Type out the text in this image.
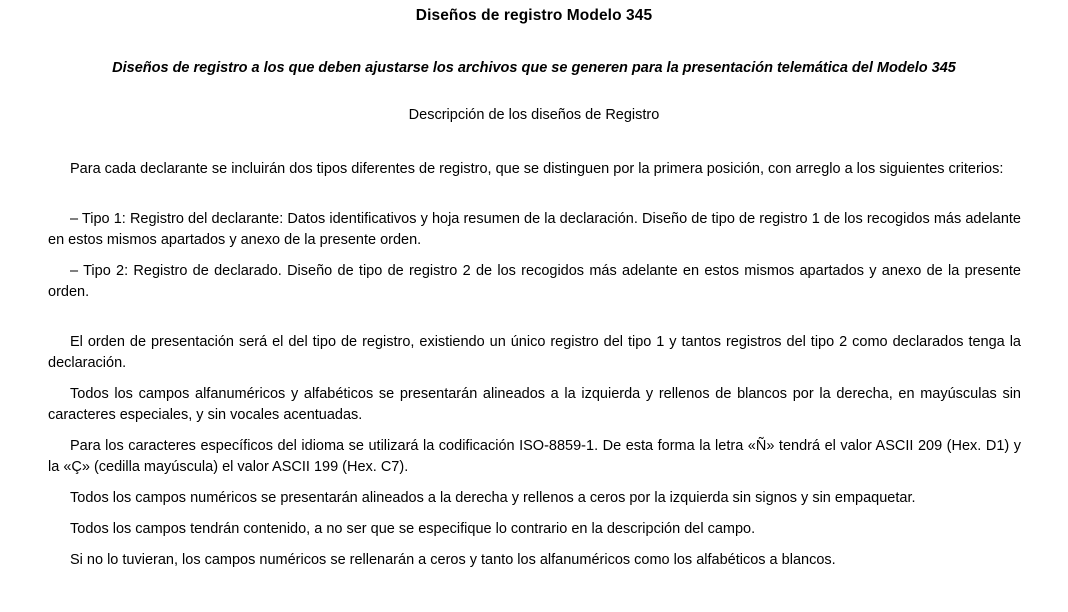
Diseños de registro Modelo 345

Diseños de registro a los que deben ajustarse los archivos que se generen para la presentación telemática del Modelo 345

Descripción de los diseños de Registro

Para cada declarante se incluirán dos tipos diferentes de registro, que se distinguen por la primera posición, con arreglo a los siguientes criterios:

– Tipo 1: Registro del declarante: Datos identificativos y hoja resumen de la declaración. Diseño de tipo de registro 1 de los recogidos más adelante en estos mismos apartados y anexo de la presente orden.

– Tipo 2: Registro de declarado. Diseño de tipo de registro 2 de los recogidos más adelante en estos mismos apartados y anexo de la presente orden.

El orden de presentación será el del tipo de registro, existiendo un único registro del tipo 1 y tantos registros del tipo 2 como declarados tenga la declaración.

Todos los campos alfanuméricos y alfabéticos se presentarán alineados a la izquierda y rellenos de blancos por la derecha, en mayúsculas sin caracteres especiales, y sin vocales acentuadas.

Para los caracteres específicos del idioma se utilizará la codificación ISO-8859-1. De esta forma la letra «Ñ» tendrá el valor ASCII 209 (Hex. D1) y la «Ç» (cedilla mayúscula) el valor ASCII 199 (Hex. C7).

Todos los campos numéricos se presentarán alineados a la derecha y rellenos a ceros por la izquierda sin signos y sin empaquetar.

Todos los campos tendrán contenido, a no ser que se especifique lo contrario en la descripción del campo.

Si no lo tuvieran, los campos numéricos se rellenarán a ceros y tanto los alfanuméricos como los alfabéticos a blancos.
